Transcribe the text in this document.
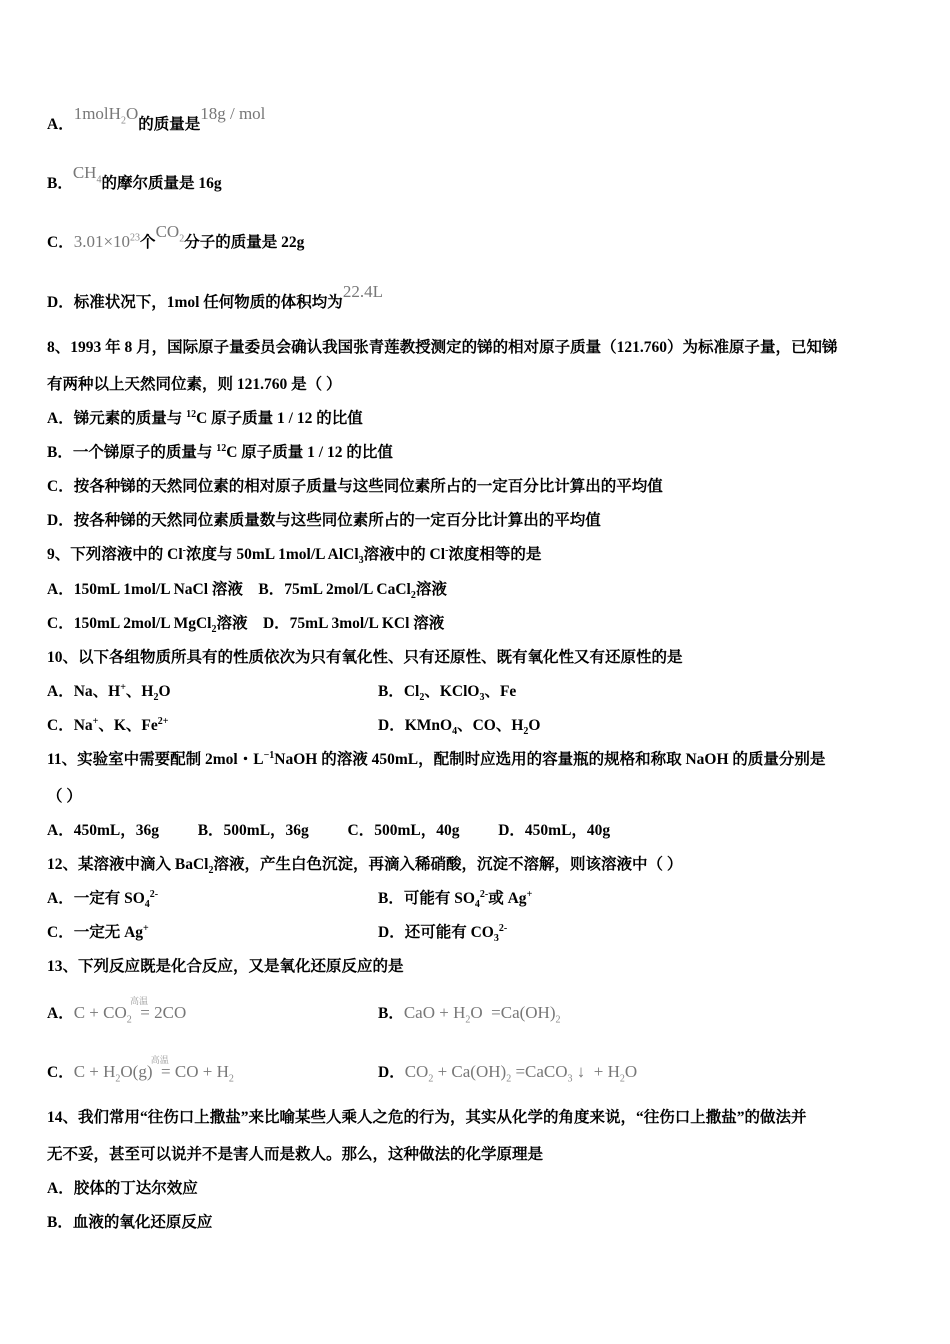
A．1molH$_2$O的质量是18g / mol
B．$CH_4$的摩尔质量是 16g
C．$3.01\times 10^{23}$个$CO_2$分子的质量是 22g
D．标准状况下，1mol 任何物质的体积均为22.4L
8、1993 年 8 月，国际原子量委员会确认我国张青莲教授测定的锑的相对原子质量（121.760）为标准原子量，已知锑
有两种以上天然同位素，则 121.760 是（ ）
A．锑元素的质量与 $^{12}$C 原子质量 1 / 12 的比值
B．一个锑原子的质量与 $^{12}$C 原子质量 1 / 12 的比值
C．按各种锑的天然同位素的相对原子质量与这些同位素所占的一定百分比计算出的平均值
D．按各种锑的天然同位素质量数与这些同位素所占的一定百分比计算出的平均值
9、下列溶液中的 Cl-浓度与 50mL 1mol/L AlCl$_3$溶液中的 Cl-浓度相等的是
A．150mL 1mol/L NaCl 溶液    B．75mL 2mol/L CaCl$_2$溶液
C．150mL 2mol/L MgCl$_2$溶液    D．75mL 3mol/L KCl 溶液
10、以下各组物质所具有的性质依次为只有氧化性、只有还原性、既有氧化性又有还原性的是
A．Na、H+、$H_2O$	B．$Cl_2$、KClO$_3$、Fe
C．Na+、K、$Fe^{2+}$	D．KMnO$_4$、CO、$H_2O$
11、实验室中需要配制 2mol・$L^{-1}NaOH$ 的溶液 450mL，配制时应选用的容量瓶的规格和称取 NaOH 的质量分别是
（ ）
A．450mL，36g          B．500mL，36g          C．500mL，40g          D．450mL，40g
12、某溶液中滴入 BaCl$_2$溶液，产生白色沉淀，再滴入稀硝酸，沉淀不溶解，则该溶液中（ ）
A．一定有 $SO_4^{2-}$	B．可能有 $SO_4^{2-}$或 Ag+
C．一定无 Ag+	D．还可能有 $CO_3^{2-}$
13、下列反应既是化合反应，又是氧化还原反应的是
A．$C + CO_2$ $^{高温}$ = 2CO	B．CaO + $H_2O =Ca(OH)_2$
C．$C + H_2O(g) ^{高温}$ = CO + $H_2$	D．$CO_2 + Ca(OH)_2$ =CaCO$_3$ ↓  + $H_2O$
14、我们常用“往伤口上撒盐”来比喻某些人乘人之危的行为，其实从化学的角度来说，“往伤口上撒盐”的做法并
无不妥，甚至可以说并不是害人而是救人。那么，这种做法的化学原理是
A．胶体的丁达尔效应
B．血液的氧化还原反应
